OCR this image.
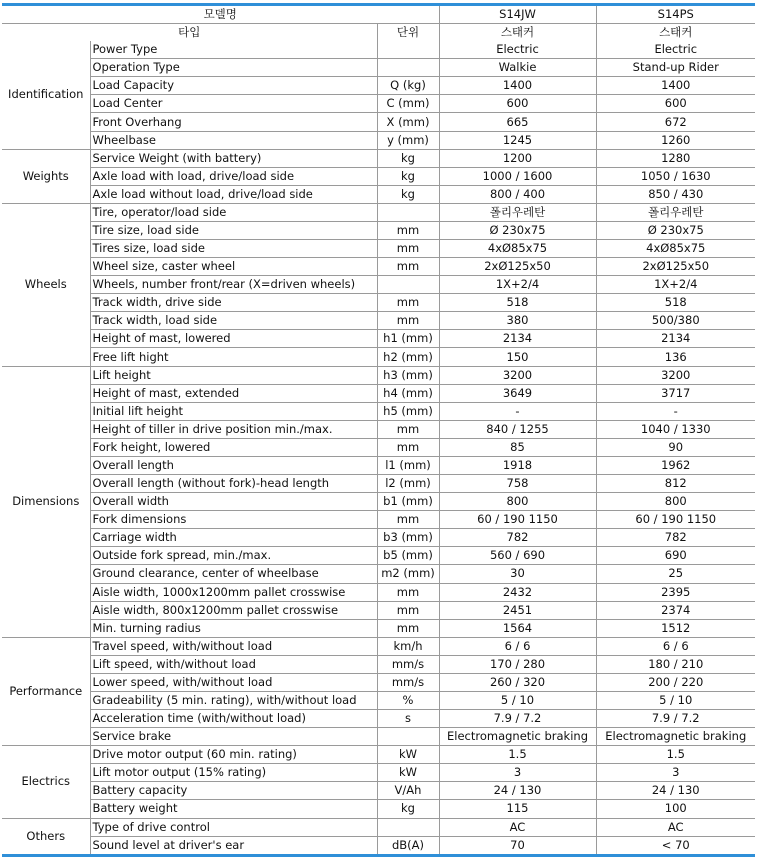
모델명			S14JW	S14PS
타입		단위	스태커	스태커
Identification	Power Type		Electric	Electric
	Operation Type		Walkie	Stand-up Rider
	Load Capacity	Q (kg)	1400	1400
	Load Center	C (mm)	600	600
	Front Overhang	X (mm)	665	672
	Wheelbase	y (mm)	1245	1260
Weights	Service Weight (with battery)	kg	1200	1280
	Axle load with load, drive/load side	kg	1000 / 1600	1050 / 1630
	Axle load without load, drive/load side	kg	800 / 400	850 / 430
Wheels	Tire, operator/load side		폴리우레탄	폴리우레탄
	Tire size, load side	mm	Ø 230x75	Ø 230x75
	Tires size, load side	mm	4xØ85x75	4xØ85x75
	Wheel size, caster wheel	mm	2xØ125x50	2xØ125x50
	Wheels, number front/rear (X=driven wheels)		1X+2/4	1X+2/4
	Track width, drive side	mm	518	518
	Track width, load side	mm	380	500/380
	Height of mast, lowered	h1 (mm)	2134	2134
	Free lift hight	h2 (mm)	150	136
Dimensions	Lift height	h3 (mm)	3200	3200
	Height of mast, extended	h4 (mm)	3649	3717
	Initial lift height	h5 (mm)	-	-
	Height of tiller in drive position min./max.	mm	840 / 1255	1040 / 1330
	Fork height, lowered	mm	85	90
	Overall length	l1 (mm)	1918	1962
	Overall length (without fork)-head length	l2 (mm)	758	812
	Overall width	b1 (mm)	800	800
	Fork dimensions	mm	60 / 190 1150	60 / 190 1150
	Carriage width	b3 (mm)	782	782
	Outside fork spread, min./max.	b5 (mm)	560 / 690	690
	Ground clearance, center of wheelbase	m2 (mm)	30	25
	Aisle width, 1000x1200mm pallet crosswise	mm	2432	2395
	Aisle width, 800x1200mm pallet crosswise	mm	2451	2374
	Min. turning radius	mm	1564	1512
Performance	Travel speed, with/without load	km/h	6 / 6	6 / 6
	Lift speed, with/without load	mm/s	170 / 280	180 / 210
	Lower speed, with/without load	mm/s	260 / 320	200 / 220
	Gradeability (5 min. rating), with/without load	%	5 / 10	5 / 10
	Acceleration time (with/without load)	s	7.9 / 7.2	7.9 / 7.2
	Service brake		Electromagnetic braking	Electromagnetic braking
Electrics	Drive motor output (60 min. rating)	kW	1.5	1.5
	Lift motor output (15% rating)	kW	3	3
	Battery capacity	V/Ah	24 / 130	24 / 130
	Battery weight	kg	115	100
Others	Type of drive control		AC	AC
	Sound level at driver's ear	dB(A)	70	< 70
